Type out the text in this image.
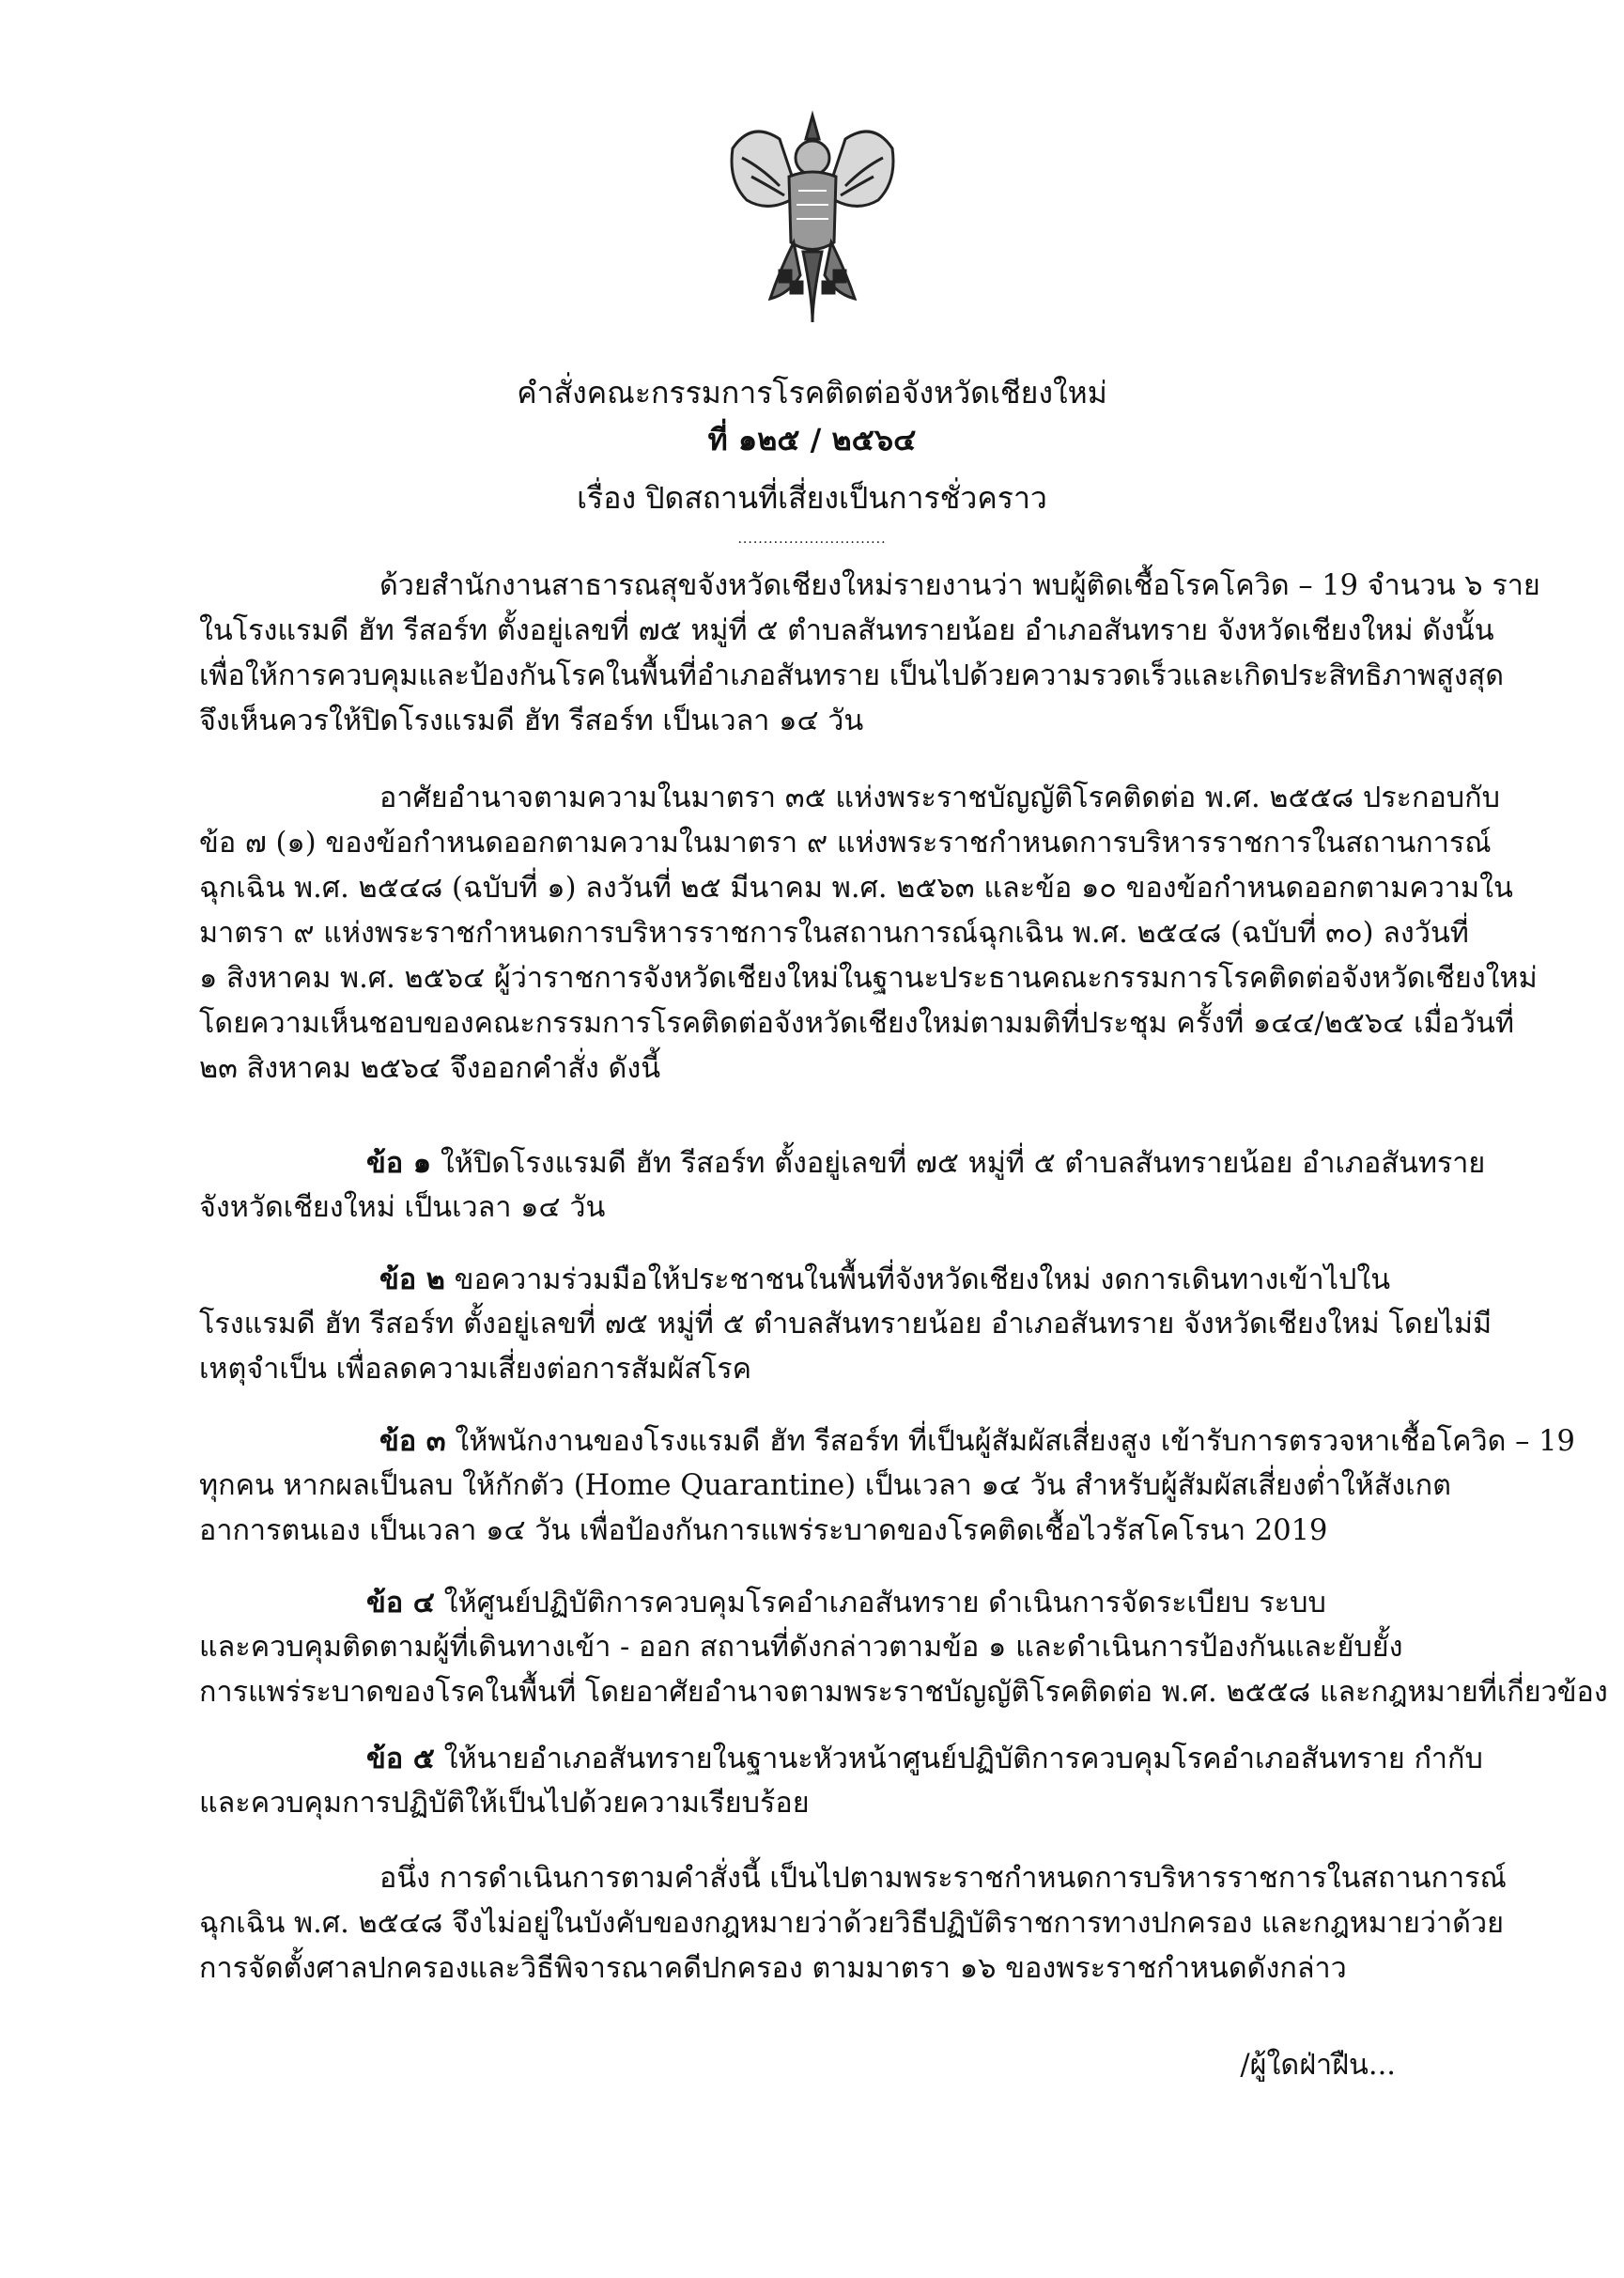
คำสั่งคณะกรรมการโรคติดต่อจังหวัดเชียงใหม่
ที่ ๑๒๕ / ๒๕๖๔
เรื่อง ปิดสถานที่เสี่ยงเป็นการชั่วคราว
.............................
ด้วยสำนักงานสาธารณสุขจังหวัดเชียงใหม่รายงานว่า พบผู้ติดเชื้อโรคโควิด – 19 จำนวน ๖ ราย
ในโรงแรมดี ฮัท รีสอร์ท ตั้งอยู่เลขที่ ๗๕ หมู่ที่ ๕ ตำบลสันทรายน้อย อำเภอสันทราย จังหวัดเชียงใหม่ ดังนั้น
เพื่อให้การควบคุมและป้องกันโรคในพื้นที่อำเภอสันทราย เป็นไปด้วยความรวดเร็วและเกิดประสิทธิภาพสูงสุด
จึงเห็นควรให้ปิดโรงแรมดี ฮัท รีสอร์ท เป็นเวลา ๑๔ วัน
อาศัยอำนาจตามความในมาตรา ๓๕ แห่งพระราชบัญญัติโรคติดต่อ พ.ศ. ๒๕๕๘ ประกอบกับ
ข้อ ๗ (๑) ของข้อกำหนดออกตามความในมาตรา ๙ แห่งพระราชกำหนดการบริหารราชการในสถานการณ์
ฉุกเฉิน พ.ศ. ๒๕๔๘ (ฉบับที่ ๑) ลงวันที่ ๒๕ มีนาคม พ.ศ. ๒๕๖๓ และข้อ ๑๐ ของข้อกำหนดออกตามความใน
มาตรา ๙ แห่งพระราชกำหนดการบริหารราชการในสถานการณ์ฉุกเฉิน พ.ศ. ๒๕๔๘ (ฉบับที่ ๓๐) ลงวันที่
๑ สิงหาคม พ.ศ. ๒๕๖๔ ผู้ว่าราชการจังหวัดเชียงใหม่ในฐานะประธานคณะกรรมการโรคติดต่อจังหวัดเชียงใหม่
โดยความเห็นชอบของคณะกรรมการโรคติดต่อจังหวัดเชียงใหม่ตามมติที่ประชุม ครั้งที่ ๑๔๔/๒๕๖๔ เมื่อวันที่
๒๓ สิงหาคม ๒๕๖๔ จึงออกคำสั่ง ดังนี้
ข้อ ๑ ให้ปิดโรงแรมดี ฮัท รีสอร์ท ตั้งอยู่เลขที่ ๗๕ หมู่ที่ ๕ ตำบลสันทรายน้อย อำเภอสันทราย
จังหวัดเชียงใหม่ เป็นเวลา ๑๔ วัน
ข้อ ๒ ขอความร่วมมือให้ประชาชนในพื้นที่จังหวัดเชียงใหม่ งดการเดินทางเข้าไปใน
โรงแรมดี ฮัท รีสอร์ท ตั้งอยู่เลขที่ ๗๕ หมู่ที่ ๕ ตำบลสันทรายน้อย อำเภอสันทราย จังหวัดเชียงใหม่ โดยไม่มี
เหตุจำเป็น เพื่อลดความเสี่ยงต่อการสัมผัสโรค
ข้อ ๓ ให้พนักงานของโรงแรมดี ฮัท รีสอร์ท ที่เป็นผู้สัมผัสเสี่ยงสูง เข้ารับการตรวจหาเชื้อโควิด – 19
ทุกคน หากผลเป็นลบ ให้กักตัว (Home Quarantine) เป็นเวลา ๑๔ วัน สำหรับผู้สัมผัสเสี่ยงต่ำให้สังเกต
อาการตนเอง เป็นเวลา ๑๔ วัน เพื่อป้องกันการแพร่ระบาดของโรคติดเชื้อไวรัสโคโรนา 2019
ข้อ ๔ ให้ศูนย์ปฏิบัติการควบคุมโรคอำเภอสันทราย ดำเนินการจัดระเบียบ ระบบ
และควบคุมติดตามผู้ที่เดินทางเข้า - ออก สถานที่ดังกล่าวตามข้อ ๑ และดำเนินการป้องกันและยับยั้ง
การแพร่ระบาดของโรคในพื้นที่ โดยอาศัยอำนาจตามพระราชบัญญัติโรคติดต่อ พ.ศ. ๒๕๕๘ และกฎหมายที่เกี่ยวข้อง
ข้อ ๕ ให้นายอำเภอสันทรายในฐานะหัวหน้าศูนย์ปฏิบัติการควบคุมโรคอำเภอสันทราย กำกับ
และควบคุมการปฏิบัติให้เป็นไปด้วยความเรียบร้อย
อนึ่ง การดำเนินการตามคำสั่งนี้ เป็นไปตามพระราชกำหนดการบริหารราชการในสถานการณ์
ฉุกเฉิน พ.ศ. ๒๕๔๘ จึงไม่อยู่ในบังคับของกฎหมายว่าด้วยวิธีปฏิบัติราชการทางปกครอง และกฎหมายว่าด้วย
การจัดตั้งศาลปกครองและวิธีพิจารณาคดีปกครอง ตามมาตรา ๑๖ ของพระราชกำหนดดังกล่าว
/ผู้ใดฝ่าฝืน...
